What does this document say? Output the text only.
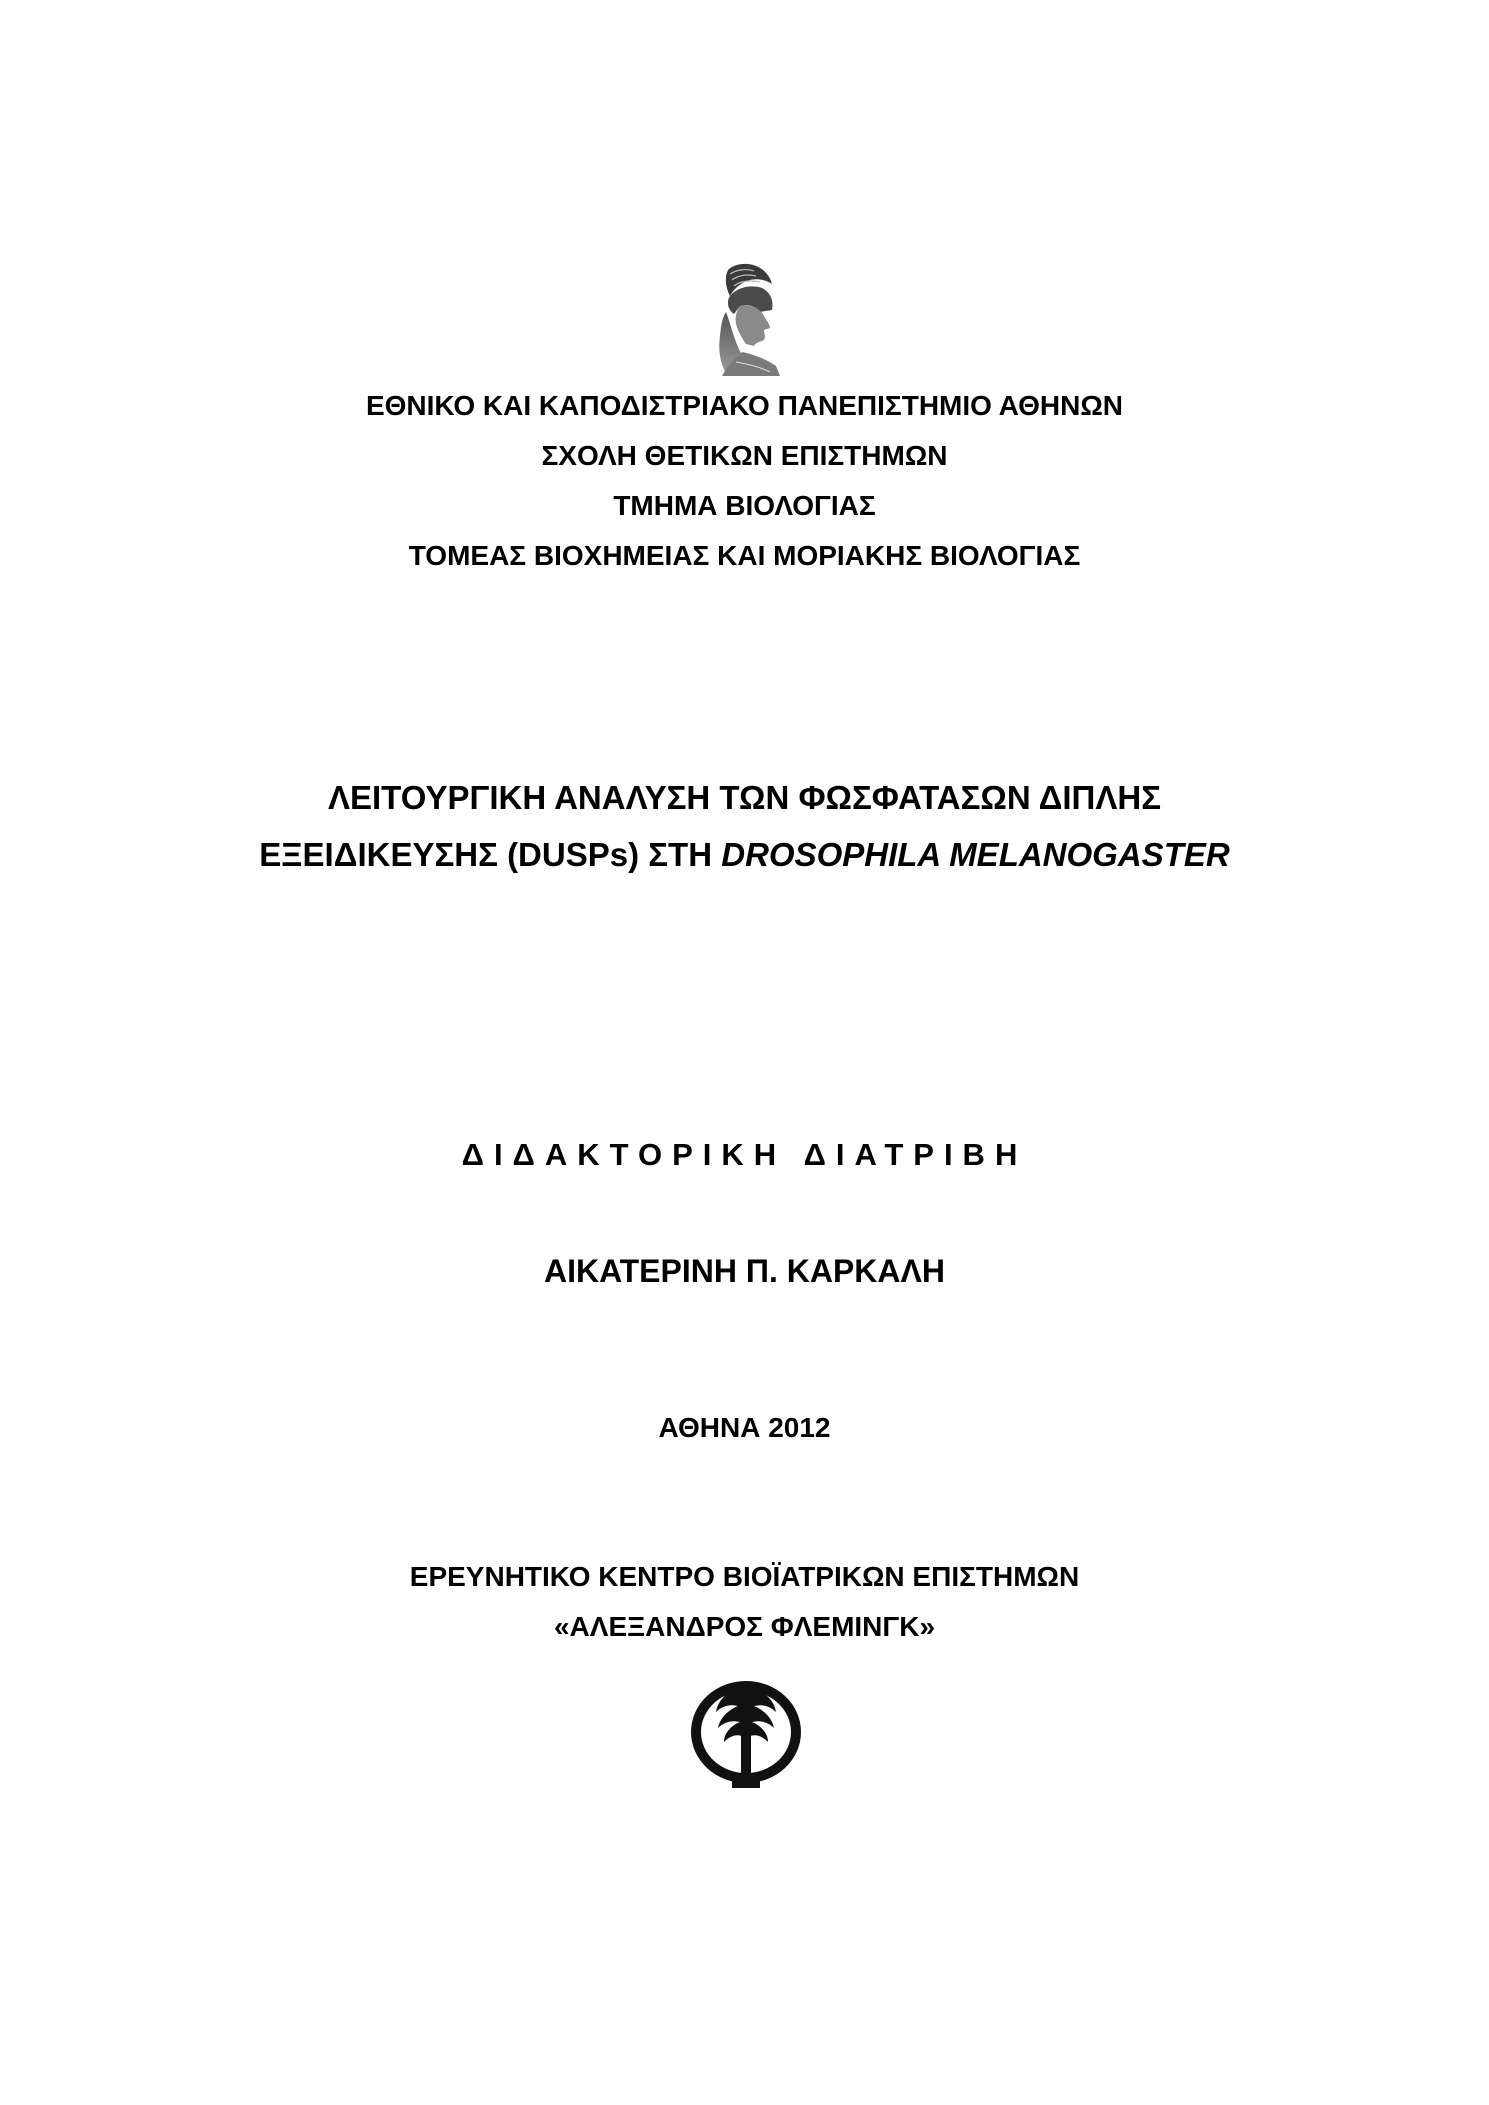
ΕΘΝΙΚΟ ΚΑΙ ΚΑΠΟΔΙΣΤΡΙΑΚΟ ΠΑΝΕΠΙΣΤΗΜΙΟ ΑΘΗΝΩΝ
ΣΧΟΛΗ ΘΕΤΙΚΩΝ ΕΠΙΣΤΗΜΩΝ
ΤΜΗΜΑ ΒΙΟΛΟΓΙΑΣ
ΤΟΜΕΑΣ ΒΙΟΧΗΜΕΙΑΣ ΚΑΙ ΜΟΡΙΑΚΗΣ ΒΙΟΛΟΓΙΑΣ
ΛΕΙΤΟΥΡΓΙΚΗ ΑΝΑΛΥΣΗ ΤΩΝ ΦΩΣΦΑΤΑΣΩΝ ΔΙΠΛΗΣ
ΕΞΕΙΔΙΚΕΥΣΗΣ (DUSPs) ΣΤΗ DROSOPHILA MELANOGASTER
ΔΙΔΑΚΤΟΡΙΚΗ ΔΙΑΤΡΙΒΗ
ΑΙΚΑΤΕΡΙΝΗ Π. ΚΑΡΚΑΛΗ
ΑΘΗΝΑ 2012
ΕΡΕΥΝΗΤΙΚΟ ΚΕΝΤΡΟ ΒΙΟΪΑΤΡΙΚΩΝ ΕΠΙΣΤΗΜΩΝ
«ΑΛΕΞΑΝΔΡΟΣ ΦΛΕΜΙΝΓΚ»
